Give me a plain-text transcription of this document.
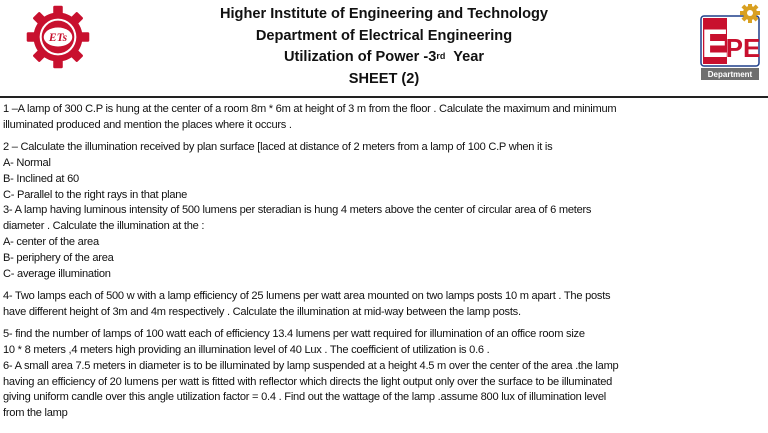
ETs
Higher Institute of Engineering and Technology
Department of Electrical Engineering
Utilization of Power -3rd  Year
SHEET (2)
E
PE
Department
1 –A lamp of 300 C.P is hung at the center of a room 8m * 6m at height of 3 m from the floor . Calculate the maximum and minimum
illuminated produced and mention the places where it occurs .
2 – Calculate the illumination received by plan surface [laced at distance of 2 meters from a lamp of 100 C.P when it is
A- Normal
B- Inclined at 60
C- Parallel to the right rays in that plane
3- A lamp having luminous intensity of 500 lumens per steradian is hung 4 meters above the center of circular area of 6 meters
diameter . Calculate the illumination at the :
A- center of the area
B- periphery of the area
C- average illumination
4- Two lamps each of 500 w with a lamp efficiency of 25 lumens per watt area mounted on two lamps posts 10 m apart . The posts
have different height of 3m and 4m respectively . Calculate the illumination at mid-way between the lamp posts.
5- find the number of lamps of 100 watt each of efficiency 13.4 lumens per watt required for illumination of an office room size
10 * 8 meters ,4 meters high providing an illumination level of 40 Lux . The coefficient of utilization is 0.6 .
6- A small area 7.5 meters in diameter is to be illuminated by lamp suspended at a height 4.5 m over the center of the area .the lamp
having an efficiency of 20 lumens per watt is fitted with reflector which directs the light output only over the surface to be illuminated
giving uniform candle over this angle utilization factor = 0.4 . Find out the wattage of the lamp .assume 800 lux of illumination level
from the lamp
